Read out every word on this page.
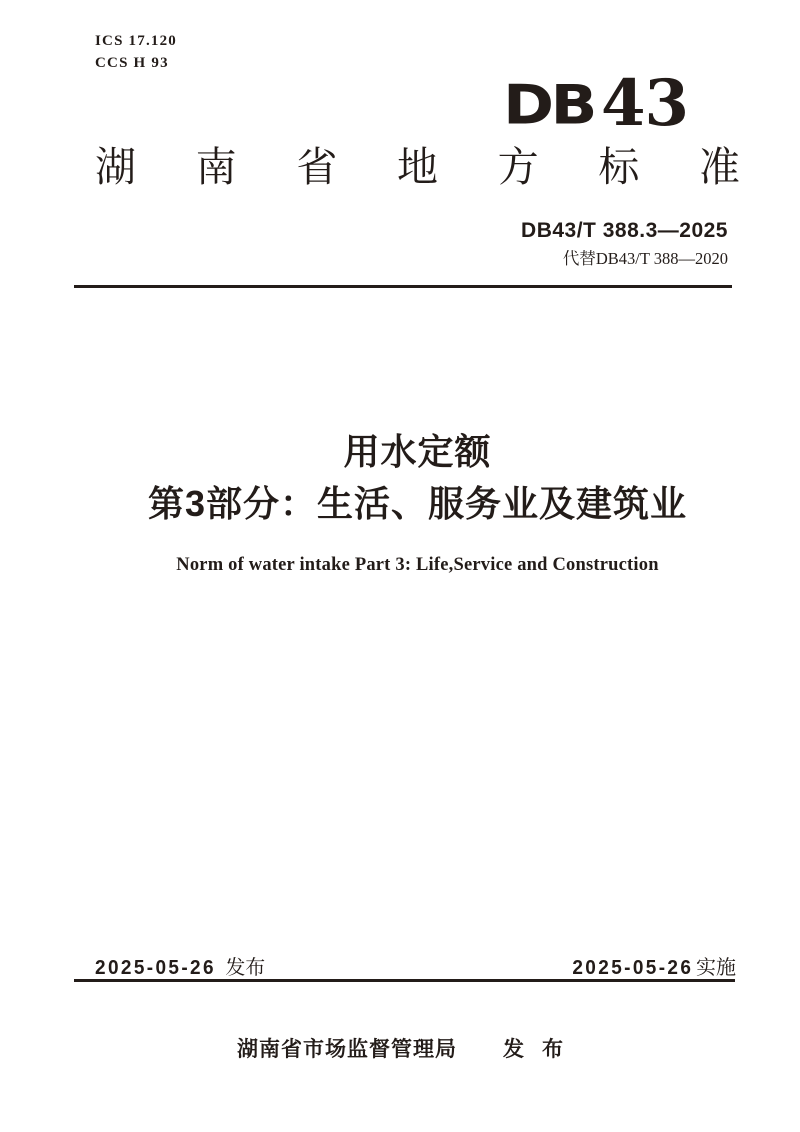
ICS 17.120
CCS H 93
DB 43
湖南省地方标准
DB43/T 388.3—2025
代替DB43/T 388—2020
用水定额
第3部分：生活、服务业及建筑业
Norm of water intake Part 3: Life,Service and Construction
2025-05-26 发布	2025-05-26 实施
湖南省市场监督管理局 发布
